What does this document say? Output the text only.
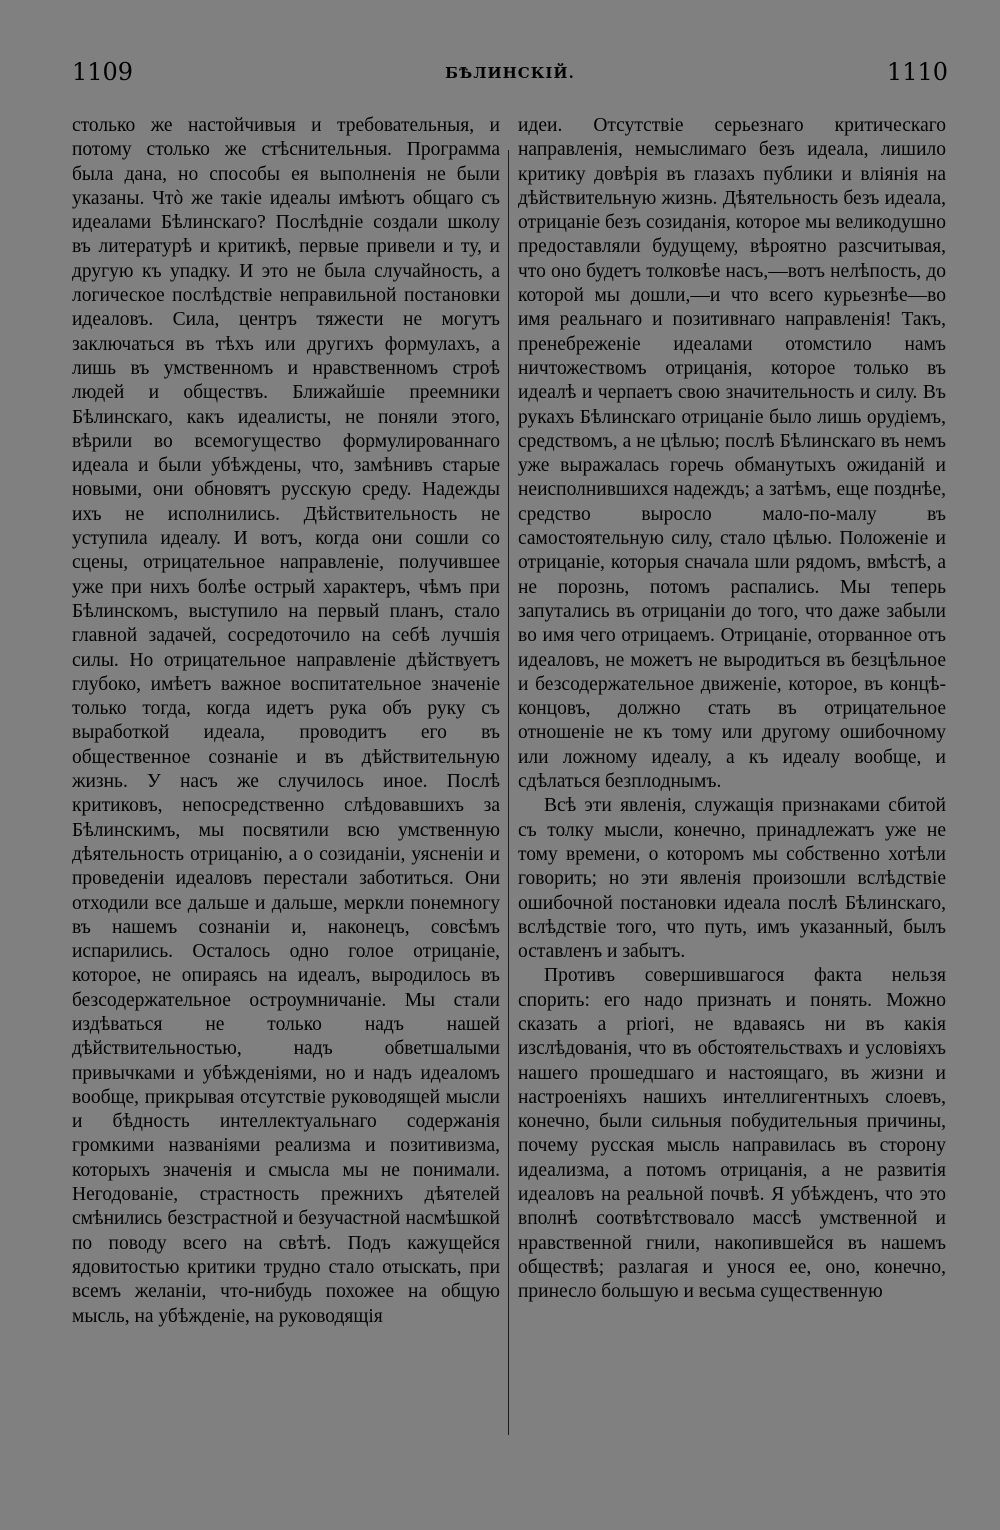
1109	БѢЛИНСКІЙ.	1110

столько же настойчивыя и требовательныя, и потому столько же стѣснительныя. Программа была дана, но способы ея выполненія не были указаны. Чтò же такіе идеалы имѣютъ общаго съ идеалами Бѣлинскаго? Послѣдніе создали школу въ литературѣ и критикѣ, первые привели и ту, и другую къ упадку. И это не была случайность, а логическое послѣдствіе неправильной постановки идеаловъ. Сила, центръ тяжести не могутъ заключаться въ тѣхъ или другихъ формулахъ, а лишь въ умственномъ и нравственномъ строѣ людей и обществъ. Ближайшіе преемники Бѣлинскаго, какъ идеалисты, не поняли этого, вѣрили во всемогущество формулированнаго идеала и были убѣждены, что, замѣнивъ старые новыми, они обновятъ русскую среду. Надежды ихъ не исполнились. Дѣйствительность не уступила идеалу. И вотъ, когда они сошли со сцены, отрицательное направленіе, получившее уже при нихъ болѣе острый характеръ, чѣмъ при Бѣлинскомъ, выступило на первый планъ, стало главной задачей, сосредоточило на себѣ лучшія силы. Но отрицательное направленіе дѣйствуетъ глубоко, имѣетъ важное воспитательное значеніе только тогда, когда идетъ рука объ руку съ выработкой идеала, проводитъ его въ общественное сознаніе и въ дѣйствительную жизнь. У насъ же случилось иное. Послѣ критиковъ, непосредственно слѣдовавшихъ за Бѣлинскимъ, мы посвятили всю умственную дѣятельность отрицанію, а о созиданіи, уясненіи и проведеніи идеаловъ перестали заботиться. Они отходили все дальше и дальше, меркли понемногу въ нашемъ сознаніи и, наконецъ, совсѣмъ испарились. Осталось одно голое отрицаніе, которое, не опираясь на идеалъ, выродилось въ безсодержательное остроумничаніе. Мы стали издѣваться не только надъ нашей дѣйствительностью, надъ обветшалыми привычками и убѣжденіями, но и надъ идеаломъ вообще, прикрывая отсутствіе руководящей мысли и бѣдность интеллектуальнаго содержанія громкими названіями реализма и позитивизма, которыхъ значенія и смысла мы не понимали. Негодованіе, страстность прежнихъ дѣятелей смѣнились безстрастной и безучастной насмѣшкой по поводу всего на свѣтѣ. Подъ кажущейся ядовитостью критики трудно стало отыскать, при всемъ желаніи, что-нибудь похожее на общую мысль, на убѣжденіе, на руководящія

идеи. Отсутствіе серьезнаго критическаго направленія, немыслимаго безъ идеала, лишило критику довѣрія въ глазахъ публики и вліянія на дѣйствительную жизнь. Дѣятельность безъ идеала, отрицаніе безъ созиданія, которое мы великодушно предоставляли будущему, вѣроятно разсчитывая, что оно будетъ толковѣе насъ,—вотъ нелѣпость, до которой мы дошли,—и что всего курьезнѣе—во имя реальнаго и позитивнаго направленія! Такъ, пренебреженіе идеалами отомстило намъ ничтожествомъ отрицанія, которое только въ идеалѣ и черпаетъ свою значительность и силу. Въ рукахъ Бѣлинскаго отрицаніе было лишь орудіемъ, средствомъ, а не цѣлью; послѣ Бѣлинскаго въ немъ уже выражалась горечь обманутыхъ ожиданій и неисполнившихся надеждъ; а затѣмъ, еще позднѣе, средство выросло мало-по-малу въ самостоятельную силу, стало цѣлью. Положеніе и отрицаніе, которыя сначала шли рядомъ, вмѣстѣ, а не порознь, потомъ распались. Мы теперь запутались въ отрицаніи до того, что даже забыли во имя чего отрицаемъ. Отрицаніе, оторванное отъ идеаловъ, не можетъ не выродиться въ безцѣльное и безсодержательное движеніе, которое, въ концѣ-концовъ, должно стать въ отрицательное отношеніе не къ тому или другому ошибочному или ложному идеалу, а къ идеалу вообще, и сдѣлаться безплоднымъ.

Всѣ эти явленія, служащія признаками сбитой съ толку мысли, конечно, принадлежатъ уже не тому времени, о которомъ мы собственно хотѣли говорить; но эти явленія произошли вслѣдствіе ошибочной постановки идеала послѣ Бѣлинскаго, вслѣдствіе того, что путь, имъ указанный, былъ оставленъ и забытъ.

Противъ совершившагося факта нельзя спорить: его надо признать и понять. Можно сказать a priori, не вдаваясь ни въ какія изслѣдованія, что въ обстоятельствахъ и условіяхъ нашего прошедшаго и настоящаго, въ жизни и настроеніяхъ нашихъ интеллигентныхъ слоевъ, конечно, были сильныя побудительныя причины, почему русская мысль направилась въ сторону идеализма, а потомъ отрицанія, а не развитія идеаловъ на реальной почвѣ. Я убѣжденъ, что это вполнѣ соотвѣтствовало массѣ умственной и нравственной гнили, накопившейся въ нашемъ обществѣ; разлагая и унося ее, оно, конечно, принесло большую и весьма существенную
